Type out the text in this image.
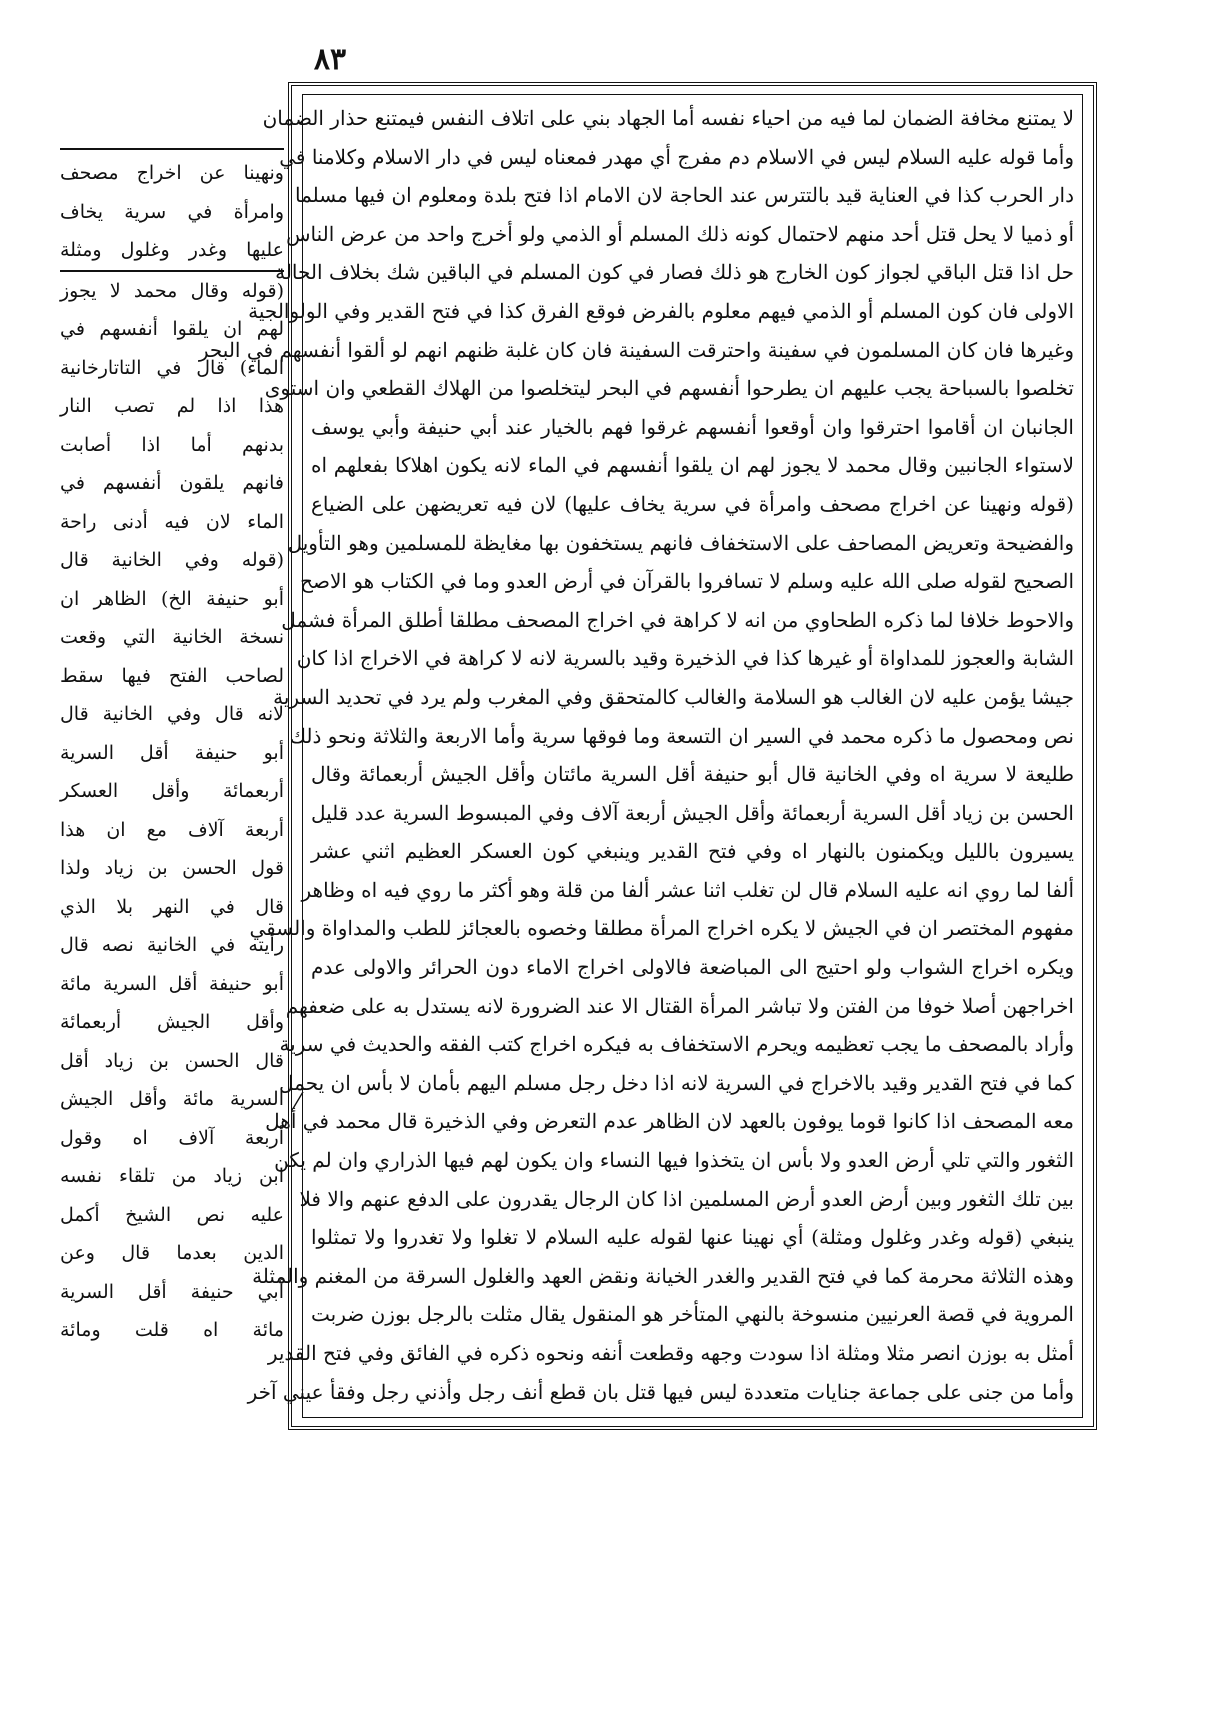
٨٣
ونهينا عن اخراج مصحف
وامرأة في سرية يخاف
عليها وغدر وغلول ومثلة
(قوله وقال محمد لا يجوز
لهم ان يلقوا أنفسهم في
الماء) قال في التاتارخانية
هذا اذا لم تصب النار
بدنهم أما اذا أصابت
فانهم يلقون أنفسهم في
الماء لان فيه أدنى راحة
(قوله وفي الخانية قال
أبو حنيفة الخ) الظاهر ان
نسخة الخانية التي وقعت
لصاحب الفتح فيها سقط
لانه قال وفي الخانية قال
أبو حنيفة أقل السرية
أربعمائة وأقل العسكر
أربعة آلاف مع ان هذا
قول الحسن بن زياد ولذا
قال في النهر بلا الذي
رأيته في الخانية نصه قال
أبو حنيفة أقل السرية مائة
وأقل الجيش أربعمائة
قال الحسن بن زياد أقل
السرية مائة وأقل الجيش
أربعة آلاف اه وقول
ابن زياد من تلقاء نفسه
عليه نص الشيخ أكمل
الدين بعدما قال وعن
أبي حنيفة أقل السرية
مائة اه قلت ومائة
لا يمتنع مخافة الضمان لما فيه من احياء نفسه أما الجهاد بني على اتلاف النفس فيمتنع حذار الضمان
وأما قوله عليه السلام ليس في الاسلام دم مفرج أي مهدر فمعناه ليس في دار الاسلام وكلامنا في
دار الحرب كذا في العناية قيد بالتترس عند الحاجة لان الامام اذا فتح بلدة ومعلوم ان فيها مسلما
أو ذميا لا يحل قتل أحد منهم لاحتمال كونه ذلك المسلم أو الذمي ولو أخرج واحد من عرض الناس
حل اذا قتل الباقي لجواز كون الخارج هو ذلك فصار في كون المسلم في الباقين شك بخلاف الحالة
الاولى فان كون المسلم أو الذمي فيهم معلوم بالفرض فوقع الفرق كذا في فتح القدير وفي الولوالجية
وغيرها فان كان المسلمون في سفينة واحترقت السفينة فان كان غلبة ظنهم انهم لو ألقوا أنفسهم في البحر
تخلصوا بالسباحة يجب عليهم ان يطرحوا أنفسهم في البحر ليتخلصوا من الهلاك القطعي وان استوى
الجانبان ان أقاموا احترقوا وان أوقعوا أنفسهم غرقوا فهم بالخيار عند أبي حنيفة وأبي يوسف
لاستواء الجانبين وقال محمد لا يجوز لهم ان يلقوا أنفسهم في الماء لانه يكون اهلاكا بفعلهم اه
(قوله ونهينا عن اخراج مصحف وامرأة في سرية يخاف عليها) لان فيه تعريضهن على الضياع
والفضيحة وتعريض المصاحف على الاستخفاف فانهم يستخفون بها مغايظة للمسلمين وهو التأويل
الصحيح لقوله صلى الله عليه وسلم لا تسافروا بالقرآن في أرض العدو وما في الكتاب هو الاصح
والاحوط خلافا لما ذكره الطحاوي من انه لا كراهة في اخراج المصحف مطلقا أطلق المرأة فشمل
الشابة والعجوز للمداواة أو غيرها كذا في الذخيرة وقيد بالسرية لانه لا كراهة في الاخراج اذا كان
جيشا يؤمن عليه لان الغالب هو السلامة والغالب كالمتحقق وفي المغرب ولم يرد في تحديد السرية
نص ومحصول ما ذكره محمد في السير ان التسعة وما فوقها سرية وأما الاربعة والثلاثة ونحو ذلك
طليعة لا سرية اه وفي الخانية قال أبو حنيفة أقل السرية مائتان وأقل الجيش أربعمائة وقال
الحسن بن زياد أقل السرية أربعمائة وأقل الجيش أربعة آلاف وفي المبسوط السرية عدد قليل
يسيرون بالليل ويكمنون بالنهار اه وفي فتح القدير وينبغي كون العسكر العظيم اثني عشر
ألفا لما روي انه عليه السلام قال لن تغلب اثنا عشر ألفا من قلة وهو أكثر ما روي فيه اه وظاهر
مفهوم المختصر ان في الجيش لا يكره اخراج المرأة مطلقا وخصوه بالعجائز للطب والمداواة والسقي
ويكره اخراج الشواب ولو احتيج الى المباضعة فالاولى اخراج الاماء دون الحرائر والاولى عدم
اخراجهن أصلا خوفا من الفتن ولا تباشر المرأة القتال الا عند الضرورة لانه يستدل به على ضعفهم
وأراد بالمصحف ما يجب تعظيمه ويحرم الاستخفاف به فيكره اخراج كتب الفقه والحديث في سرية
كما في فتح القدير وقيد بالاخراج في السرية لانه اذا دخل رجل مسلم اليهم بأمان لا بأس ان يحمل
معه المصحف اذا كانوا قوما يوفون بالعهد لان الظاهر عدم التعرض وفي الذخيرة قال محمد في أهل
الثغور والتي تلي أرض العدو ولا بأس ان يتخذوا فيها النساء وان يكون لهم فيها الذراري وان لم يكن
بين تلك الثغور وبين أرض العدو أرض المسلمين اذا كان الرجال يقدرون على الدفع عنهم والا فلا
ينبغي (قوله وغدر وغلول ومثلة) أي نهينا عنها لقوله عليه السلام لا تغلوا ولا تغدروا ولا تمثلوا
وهذه الثلاثة محرمة كما في فتح القدير والغدر الخيانة ونقض العهد والغلول السرقة من المغنم والمثلة
المروية في قصة العرنيين منسوخة بالنهي المتأخر هو المنقول يقال مثلت بالرجل بوزن ضربت
أمثل به بوزن انصر مثلا ومثلة اذا سودت وجهه وقطعت أنفه ونحوه ذكره في الفائق وفي فتح القدير
وأما من جنى على جماعة جنايات متعددة ليس فيها قتل بان قطع أنف رجل وأذني رجل وفقأ عيني آخر
⁄
